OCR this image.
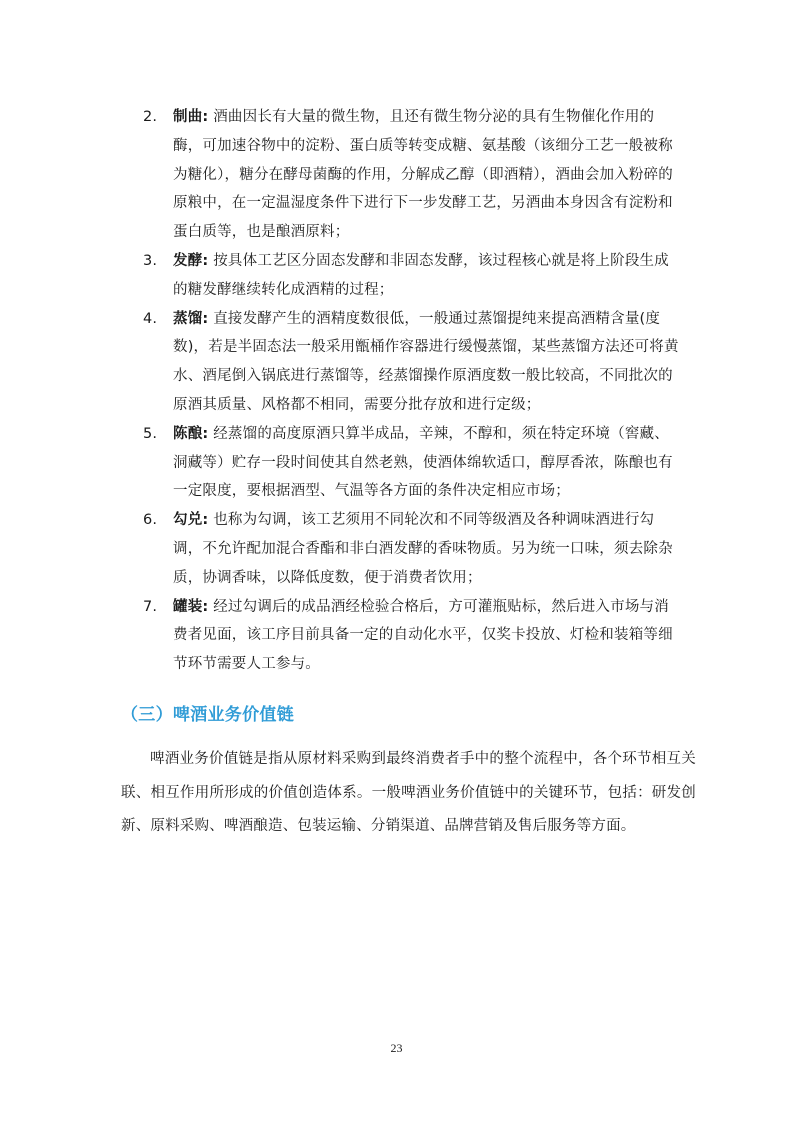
2. 制曲: 酒曲因长有大量的微生物，且还有微生物分泌的具有生物催化作用的酶，可加速谷物中的淀粉、蛋白质等转变成糖、氨基酸（该细分工艺一般被称为糖化），糖分在酵母菌酶的作用，分解成乙醇（即酒精），酒曲会加入粉碎的原粮中，在一定温湿度条件下进行下一步发酵工艺，另酒曲本身因含有淀粉和蛋白质等，也是酿酒原料；
3. 发酵: 按具体工艺区分固态发酵和非固态发酵，该过程核心就是将上阶段生成的糖发酵继续转化成酒精的过程；
4. 蒸馏: 直接发酵产生的酒精度数很低，一般通过蒸馏提纯来提高酒精含量(度数)，若是半固态法一般采用甑桶作容器进行缓慢蒸馏，某些蒸馏方法还可将黄水、酒尾倒入锅底进行蒸馏等，经蒸馏操作原酒度数一般比较高，不同批次的原酒其质量、风格都不相同，需要分批存放和进行定级；
5. 陈酿: 经蒸馏的高度原酒只算半成品，辛辣，不醇和，须在特定环境（窖藏、洞藏等）贮存一段时间使其自然老熟，使酒体绵软适口，醇厚香浓，陈酿也有一定限度，要根据酒型、气温等各方面的条件决定相应市场；
6. 勾兑: 也称为勾调，该工艺须用不同轮次和不同等级酒及各种调味酒进行勾调，不允许配加混合香酯和非白酒发酵的香味物质。另为统一口味，须去除杂质，协调香味，以降低度数，便于消费者饮用；
7. 罐装: 经过勾调后的成品酒经检验合格后，方可灌瓶贴标，然后进入市场与消费者见面，该工序目前具备一定的自动化水平，仅奖卡投放、灯检和装箱等细节环节需要人工参与。
（三）啤酒业务价值链

啤酒业务价值链是指从原材料采购到最终消费者手中的整个流程中，各个环节相互关联、相互作用所形成的价值创造体系。一般啤酒业务价值链中的关键环节，包括：研发创新、原料采购、啤酒酿造、包装运输、分销渠道、品牌营销及售后服务等方面。

23
